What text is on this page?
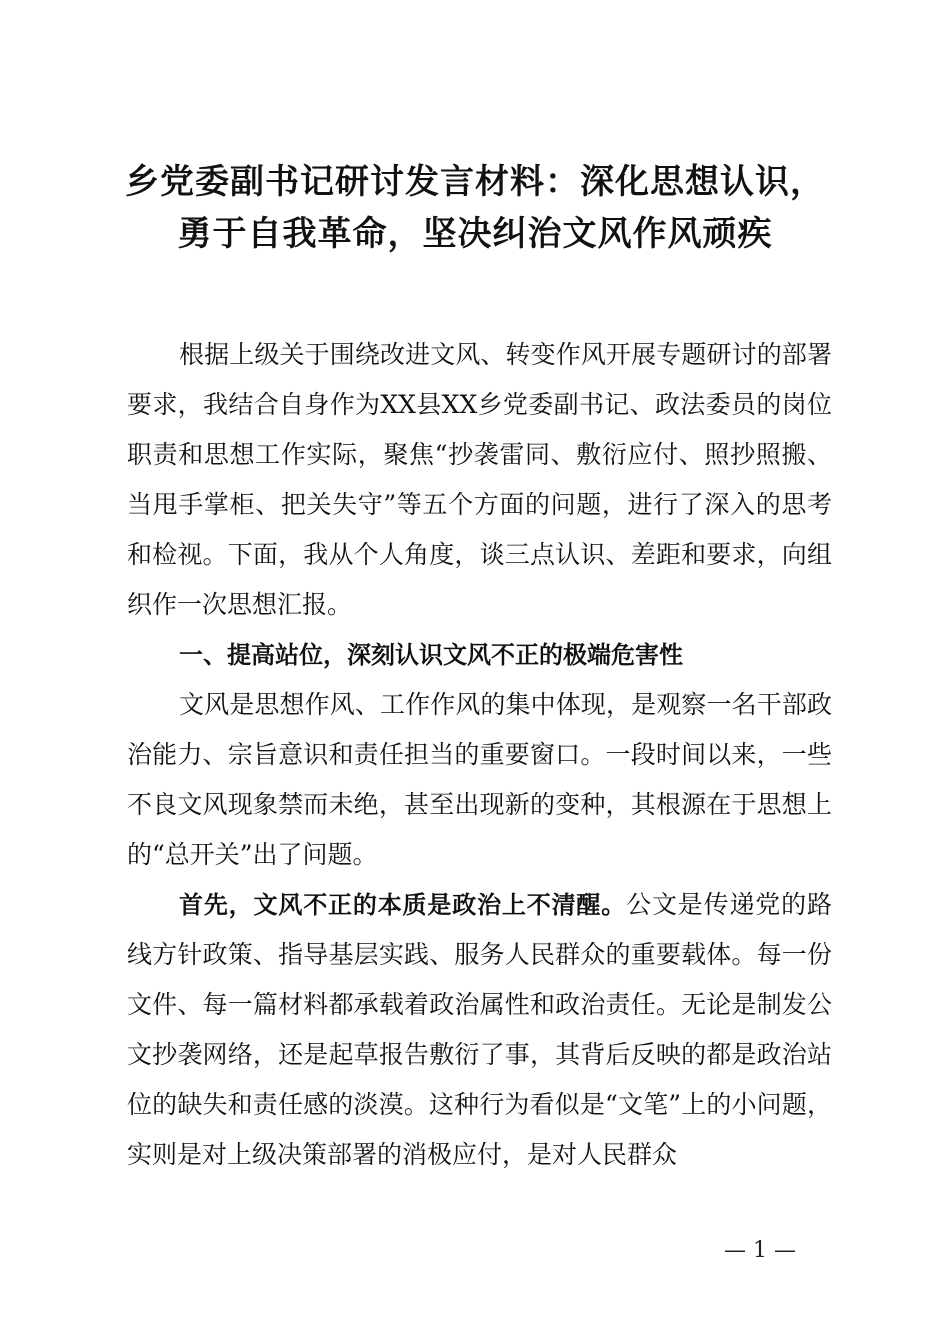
乡党委副书记研讨发言材料：深化思想认识，
勇于自我革命，坚决纠治文风作风顽疾

根据上级关于围绕改进文风、转变作风开展专题研讨的部署要求，我结合自身作为XX县XX乡党委副书记、政法委员的岗位职责和思想工作实际，聚焦“抄袭雷同、敷衍应付、照抄照搬、当甩手掌柜、把关失守”等五个方面的问题，进行了深入的思考和检视。下面，我从个人角度，谈三点认识、差距和要求，向组织作一次思想汇报。

一、提高站位，深刻认识文风不正的极端危害性

文风是思想作风、工作作风的集中体现，是观察一名干部政治能力、宗旨意识和责任担当的重要窗口。一段时间以来，一些不良文风现象禁而未绝，甚至出现新的变种，其根源在于思想上的“总开关”出了问题。

首先，文风不正的本质是政治上不清醒。公文是传递党的路线方针政策、指导基层实践、服务人民群众的重要载体。每一份文件、每一篇材料都承载着政治属性和政治责任。无论是制发公文抄袭网络，还是起草报告敷衍了事，其背后反映的都是政治站位的缺失和责任感的淡漠。这种行为看似是“文笔”上的小问题，实则是对上级决策部署的消极应付，是对人民群众

— 1 —
